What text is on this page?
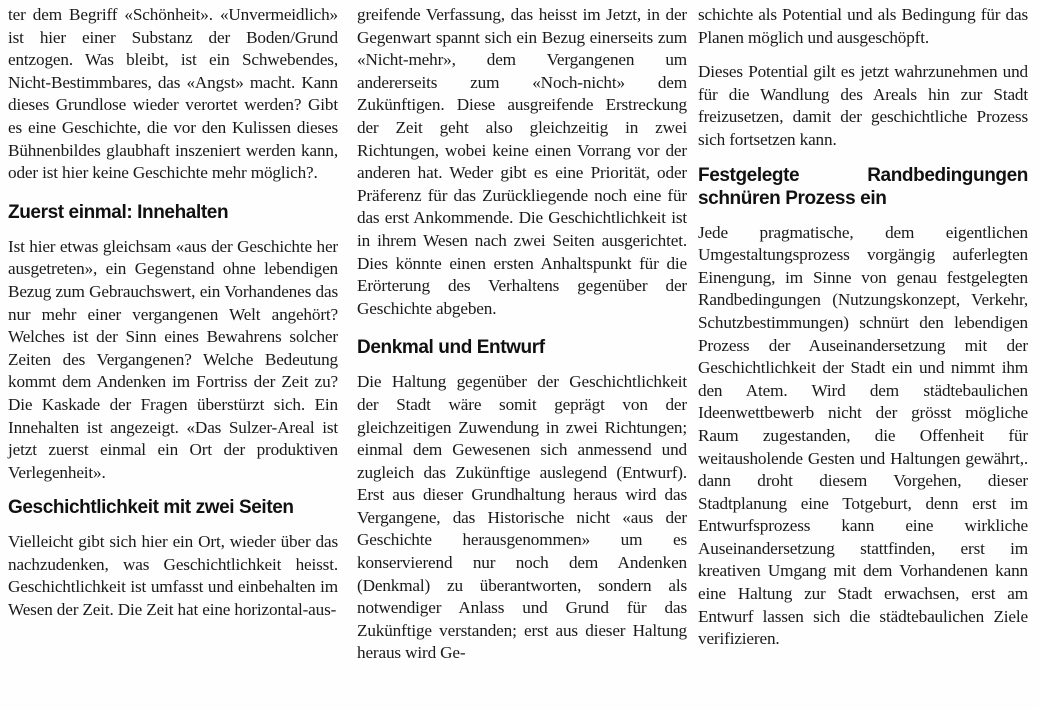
ter dem Begriff «Schönheit». «Unvermeidlich» ist hier einer Substanz der Boden/Grund entzogen. Was bleibt, ist ein Schwebendes, Nicht-Bestimmbares, das «Angst» macht. Kann dieses Grundlose wieder verortet werden? Gibt es eine Geschichte, die vor den Kulissen dieses Bühnenbildes glaubhaft inszeniert werden kann, oder ist hier keine Geschichte mehr möglich?.

Zuerst einmal: Innehalten

Ist hier etwas gleichsam «aus der Geschichte her ausgetreten», ein Gegenstand ohne lebendigen Bezug zum Gebrauchswert, ein Vorhandenes das nur mehr einer vergangenen Welt angehört? Welches ist der Sinn eines Bewahrens solcher Zeiten des Vergangenen? Welche Bedeutung kommt dem Andenken im Fortriss der Zeit zu? Die Kaskade der Fragen überstürzt sich. Ein Innehalten ist angezeigt. «Das Sulzer-Areal ist jetzt zuerst einmal ein Ort der produktiven Verlegenheit».

Geschichtlichkeit mit zwei Seiten

Vielleicht gibt sich hier ein Ort, wieder über das nachzudenken, was Geschichtlichkeit heisst. Geschichtlichkeit ist umfasst und einbehalten im Wesen der Zeit. Die Zeit hat eine horizontal-aus-

greifende Verfassung, das heisst im Jetzt, in der Gegenwart spannt sich ein Bezug einerseits zum «Nicht-mehr», dem Vergangenen um andererseits zum «Noch-nicht» dem Zukünftigen. Diese ausgreifende Erstreckung der Zeit geht also gleichzeitig in zwei Richtungen, wobei keine einen Vorrang vor der anderen hat. Weder gibt es eine Priorität, oder Präferenz für das Zurückliegende noch eine für das erst Ankommende. Die Geschichtlichkeit ist in ihrem Wesen nach zwei Seiten ausgerichtet. Dies könnte einen ersten Anhaltspunkt für die Erörterung des Verhaltens gegenüber der Geschichte abgeben.

Denkmal und Entwurf

Die Haltung gegenüber der Geschichtlichkeit der Stadt wäre somit geprägt von der gleichzeitigen Zuwendung in zwei Richtungen; einmal dem Gewesenen sich anmessend und zugleich das Zukünftige auslegend (Entwurf). Erst aus dieser Grundhaltung heraus wird das Vergangene, das Historische nicht «aus der Geschichte herausgenommen» um es konservierend nur noch dem Andenken (Denkmal) zu überantworten, sondern als notwendiger Anlass und Grund für das Zukünftige verstanden; erst aus dieser Haltung heraus wird Ge-

schichte als Potential und als Bedingung für das Planen möglich und ausgeschöpft.

Dieses Potential gilt es jetzt wahrzunehmen und für die Wandlung des Areals hin zur Stadt freizusetzen, damit der geschichtliche Prozess sich fortsetzen kann.

Festgelegte Randbedingungen schnüren Prozess ein

Jede pragmatische, dem eigentlichen Umgestaltungsprozess vorgängig auferlegten Einengung, im Sinne von genau festgelegten Randbedingungen (Nutzungskonzept, Verkehr, Schutzbestimmungen) schnürt den lebendigen Prozess der Auseinandersetzung mit der Geschichtlichkeit der Stadt ein und nimmt ihm den Atem. Wird dem städtebaulichen Ideenwettbewerb nicht der grösst mögliche Raum zugestanden, die Offenheit für weitausholende Gesten und Haltungen gewährt,. dann droht diesem Vorgehen, dieser Stadtplanung eine Totgeburt, denn erst im Entwurfsprozess kann eine wirkliche Auseinandersetzung stattfinden, erst im kreativen Umgang mit dem Vorhandenen kann eine Haltung zur Stadt erwachsen, erst am Entwurf lassen sich die städtebaulichen Ziele verifizieren.
